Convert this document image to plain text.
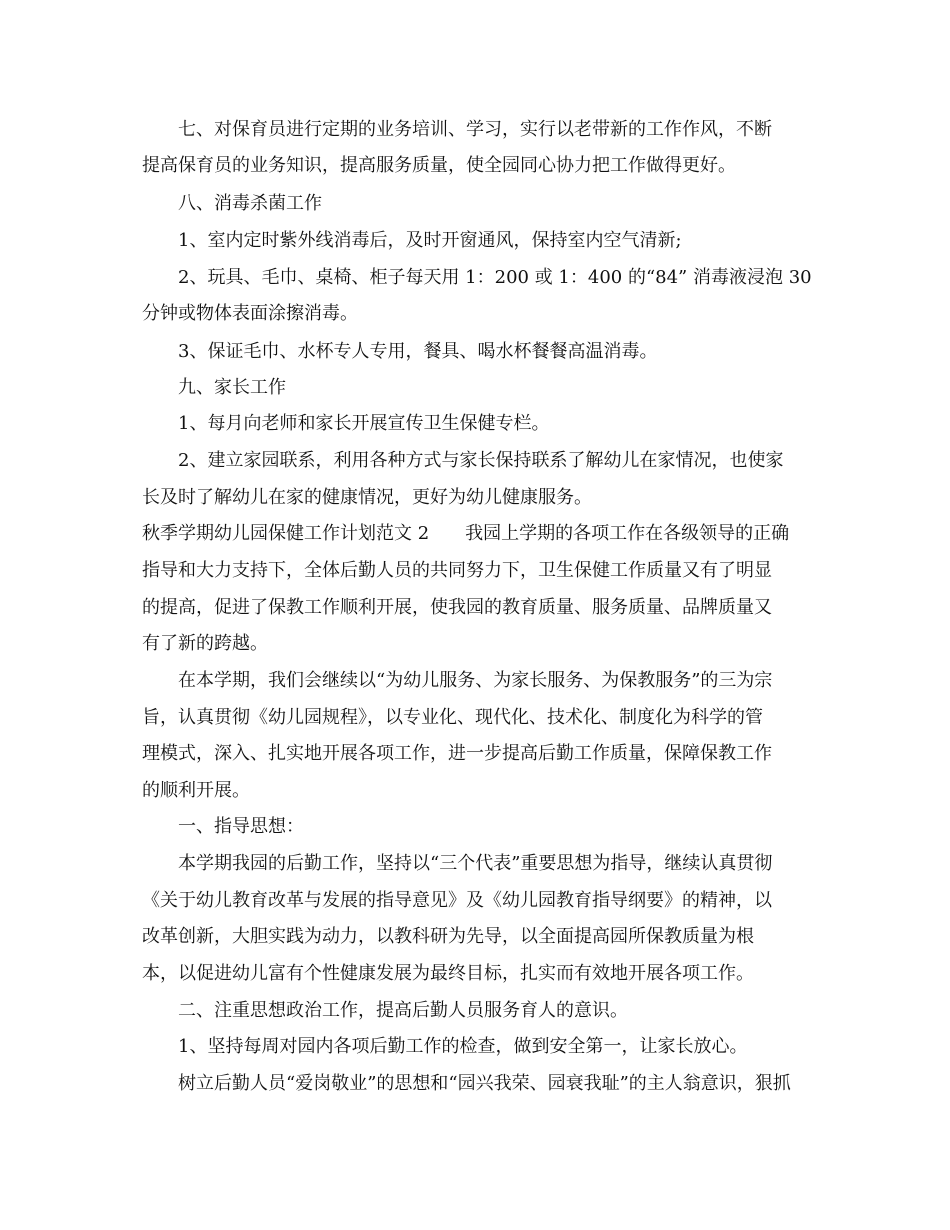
七、对保育员进行定期的业务培训、学习，实行以老带新的工作作风，不断

提高保育员的业务知识，提高服务质量，使全园同心协力把工作做得更好。

八、消毒杀菌工作

1、室内定时紫外线消毒后，及时开窗通风，保持室内空气清新;

2、玩具、毛巾、桌椅、柜子每天用 1：200 或 1：400 的“84” 消毒液浸泡 30

分钟或物体表面涂擦消毒。

3、保证毛巾、水杯专人专用，餐具、喝水杯餐餐高温消毒。

九、家长工作

1、每月向老师和家长开展宣传卫生保健专栏。

2、建立家园联系，利用各种方式与家长保持联系了解幼儿在家情况，也使家

长及时了解幼儿在家的健康情况，更好为幼儿健康服务。

秋季学期幼儿园保健工作计划范文 2　　我园上学期的各项工作在各级领导的正确

指导和大力支持下，全体后勤人员的共同努力下，卫生保健工作质量又有了明显

的提高，促进了保教工作顺利开展，使我园的教育质量、服务质量、品牌质量又

有了新的跨越。

在本学期，我们会继续以“为幼儿服务、为家长服务、为保教服务”的三为宗

旨，认真贯彻《幼儿园规程》，以专业化、现代化、技术化、制度化为科学的管

理模式，深入、扎实地开展各项工作，进一步提高后勤工作质量，保障保教工作

的顺利开展。

一、指导思想：

本学期我园的后勤工作，坚持以“三个代表”重要思想为指导，继续认真贯彻

《关于幼儿教育改革与发展的指导意见》及《幼儿园教育指导纲要》的精神，以

改革创新，大胆实践为动力，以教科研为先导，以全面提高园所保教质量为根

本，以促进幼儿富有个性健康发展为最终目标，扎实而有效地开展各项工作。

二、注重思想政治工作，提高后勤人员服务育人的意识。

1、坚持每周对园内各项后勤工作的检查，做到安全第一，让家长放心。

树立后勤人员“爱岗敬业”的思想和“园兴我荣、园衰我耻”的主人翁意识，狠抓
